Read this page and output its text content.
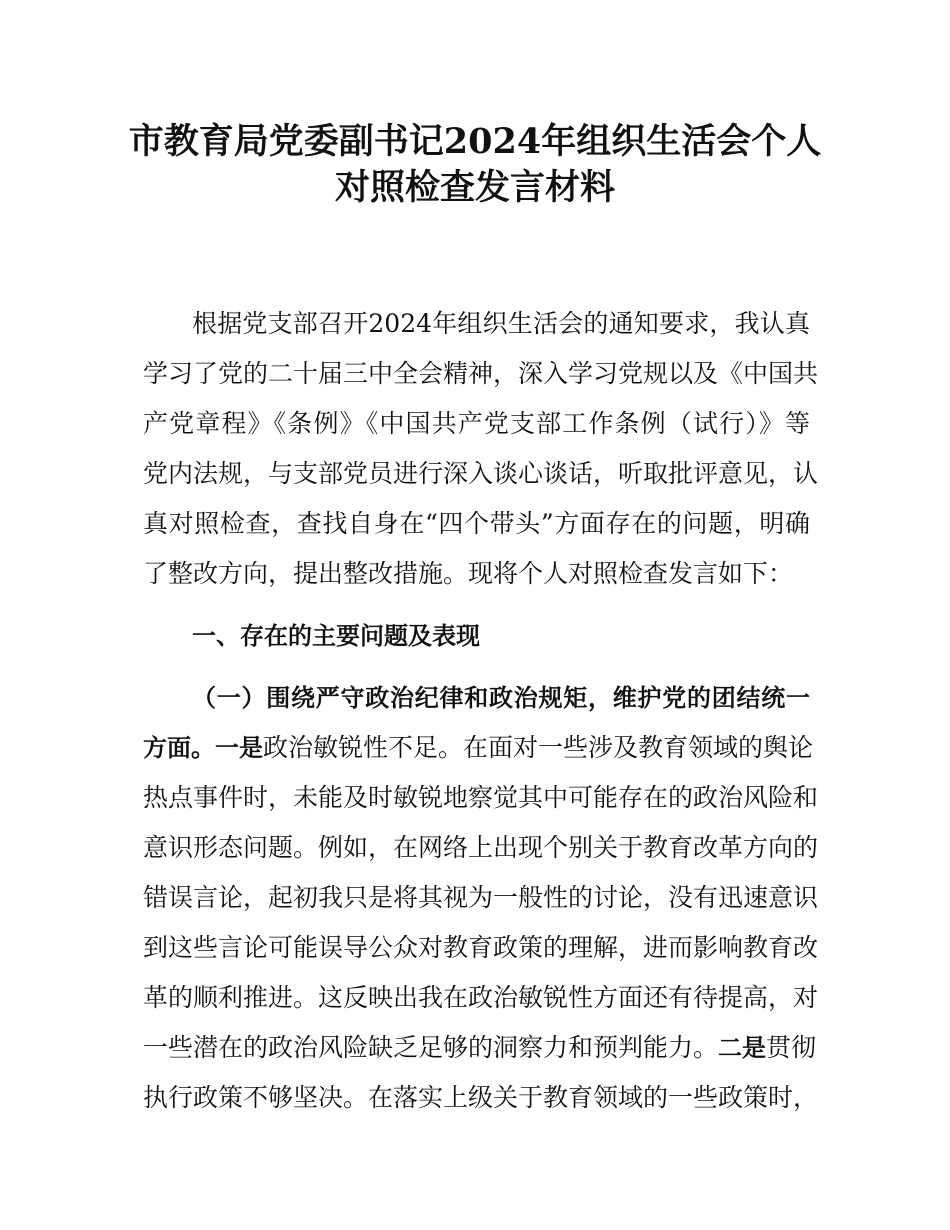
市教育局党委副书记2024年组织生活会个人
对照检查发言材料
根据党支部召开2024年组织生活会的通知要求，我认真
学习了党的二十届三中全会精神，深入学习党规以及《中国共
产党章程》《条例》《中国共产党支部工作条例（试行）》等
党内法规，与支部党员进行深入谈心谈话，听取批评意见，认
真对照检查，查找自身在“四个带头”方面存在的问题，明确
了整改方向，提出整改措施。现将个人对照检查发言如下：
一、存在的主要问题及表现
（一）围绕严守政治纪律和政治规矩，维护党的团结统一
方面。一是政治敏锐性不足。在面对一些涉及教育领域的舆论
热点事件时，未能及时敏锐地察觉其中可能存在的政治风险和
意识形态问题。例如，在网络上出现个别关于教育改革方向的
错误言论，起初我只是将其视为一般性的讨论，没有迅速意识
到这些言论可能误导公众对教育政策的理解，进而影响教育改
革的顺利推进。这反映出我在政治敏锐性方面还有待提高，对
一些潜在的政治风险缺乏足够的洞察力和预判能力。二是贯彻
执行政策不够坚决。在落实上级关于教育领域的一些政策时，
